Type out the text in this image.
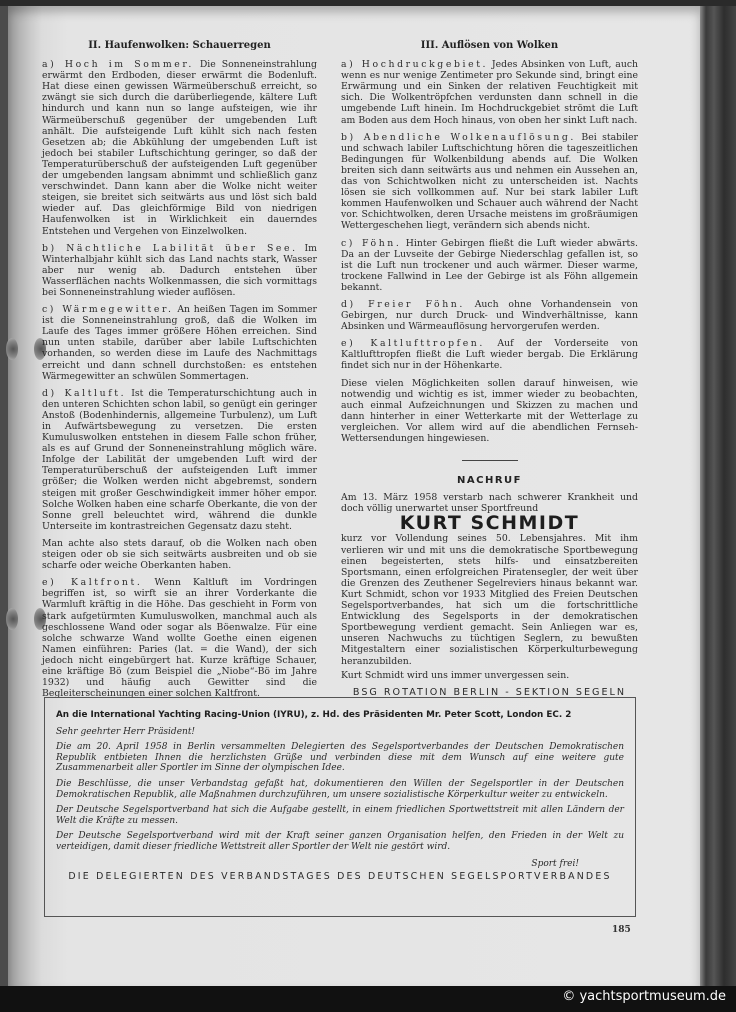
II. Haufenwolken: Schauerregen

a) Hoch im Sommer. Die Sonneneinstrahlung erwärmt den Erdboden, dieser erwärmt die Bodenluft. Hat diese einen gewissen Wärmeüberschuß erreicht, so zwängt sie sich durch die darüberliegende, kältere Luft hindurch und kann nun so lange aufsteigen, wie ihr Wärmeüberschuß gegenüber der umgebenden Luft anhält. Die aufsteigende Luft kühlt sich nach festen Gesetzen ab; die Abkühlung der umgebenden Luft ist jedoch bei stabiler Luftschichtung geringer, so daß der Temperaturüberschuß der aufsteigenden Luft gegenüber der umgebenden langsam abnimmt und schließlich ganz verschwindet. Dann kann aber die Wolke nicht weiter steigen, sie breitet sich seitwärts aus und löst sich bald wieder auf. Das gleichförmige Bild von niedrigen Haufenwolken ist in Wirklichkeit ein dauerndes Entstehen und Vergehen von Einzelwolken.

b) Nächtliche Labilität über See. Im Winterhalbjahr kühlt sich das Land nachts stark, Wasser aber nur wenig ab. Dadurch entstehen über Wasserflächen nachts Wolkenmassen, die sich vormittags bei Sonneneinstrahlung wieder auflösen.

c) Wärmegewitter. An heißen Tagen im Sommer ist die Sonneneinstrahlung groß, daß die Wolken im Laufe des Tages immer größere Höhen erreichen. Sind nun unten stabile, darüber aber labile Luftschichten vorhanden, so werden diese im Laufe des Nachmittags erreicht und dann schnell durchstoßen: es entstehen Wärmegewitter an schwülen Sommertagen.

d) Kaltluft. Ist die Temperaturschichtung auch in den unteren Schichten schon labil, so genügt ein geringer Anstoß (Bodenhindernis, allgemeine Turbulenz), um Luft in Aufwärtsbewegung zu versetzen. Die ersten Kumuluswolken entstehen in diesem Falle schon früher, als es auf Grund der Sonneneinstrahlung möglich wäre. Infolge der Labilität der umgebenden Luft wird der Temperaturüberschuß der aufsteigenden Luft immer größer; die Wolken werden nicht abgebremst, sondern steigen mit großer Geschwindigkeit immer höher empor. Solche Wolken haben eine scharfe Oberkante, die von der Sonne grell beleuchtet wird, während die dunkle Unterseite im kontrastreichen Gegensatz dazu steht.

Man achte also stets darauf, ob die Wolken nach oben steigen oder ob sie sich seitwärts ausbreiten und ob sie scharfe oder weiche Oberkanten haben.

e) Kaltfront. Wenn Kaltluft im Vordringen begriffen ist, so wirft sie an ihrer Vorderkante die Warmluft kräftig in die Höhe. Das geschieht in Form von stark aufgetürmten Kumuluswolken, manchmal auch als geschlossene Wand oder sogar als Böenwalze. Für eine solche schwarze Wand wollte Goethe einen eigenen Namen einführen: Paries (lat. = die Wand), der sich jedoch nicht eingebürgert hat. Kurze kräftige Schauer, eine kräftige Bö (zum Beispiel die „Niobe“-Bö im Jahre 1932) und häufig auch Gewitter sind die Begleiterscheinungen einer solchen Kaltfront.

III. Auflösen von Wolken

a) Hochdruckgebiet. Jedes Absinken von Luft, auch wenn es nur wenige Zentimeter pro Sekunde sind, bringt eine Erwärmung und ein Sinken der relativen Feuchtigkeit mit sich. Die Wolkentröpfchen verdunsten dann schnell in die umgebende Luft hinein. Im Hochdruckgebiet strömt die Luft am Boden aus dem Hoch hinaus, von oben her sinkt Luft nach.

b) Abendliche Wolkenauflösung. Bei stabiler und schwach labiler Luftschichtung hören die tageszeitlichen Bedingungen für Wolkenbildung abends auf. Die Wolken breiten sich dann seitwärts aus und nehmen ein Aussehen an, das von Schichtwolken nicht zu unterscheiden ist. Nachts lösen sie sich vollkommen auf. Nur bei stark labiler Luft kommen Haufenwolken und Schauer auch während der Nacht vor. Schichtwolken, deren Ursache meistens im großräumigen Wettergeschehen liegt, verändern sich abends nicht.

c) Föhn. Hinter Gebirgen fließt die Luft wieder abwärts. Da an der Luvseite der Gebirge Niederschlag gefallen ist, so ist die Luft nun trockener und auch wärmer. Dieser warme, trockene Fallwind in Lee der Gebirge ist als Föhn allgemein bekannt.

d) Freier Föhn. Auch ohne Vorhandensein von Gebirgen, nur durch Druck- und Windverhältnisse, kann Absinken und Wärmeauflösung hervorgerufen werden.

e) Kaltlufttropfen. Auf der Vorderseite von Kaltlufttropfen fließt die Luft wieder bergab. Die Erklärung findet sich nur in der Höhenkarte.

Diese vielen Möglichkeiten sollen darauf hinweisen, wie notwendig und wichtig es ist, immer wieder zu beobachten, auch einmal Aufzeichnungen und Skizzen zu machen und dann hinterher in einer Wetterkarte mit der Wetterlage zu vergleichen. Vor allem wird auf die abendlichen Fernseh-Wettersendungen hingewiesen.

NACHRUF

Am 13. März 1958 verstarb nach schwerer Krankheit und doch völlig unerwartet unser Sportfreund

KURT SCHMIDT

kurz vor Vollendung seines 50. Lebensjahres. Mit ihm verlieren wir und mit uns die demokratische Sportbewegung einen begeisterten, stets hilfs- und einsatzbereiten Sportsmann, einen erfolgreichen Piratensegler, der weit über die Grenzen des Zeuthener Segelreviers hinaus bekannt war. Kurt Schmidt, schon vor 1933 Mitglied des Freien Deutschen Segelsportverbandes, hat sich um die fortschrittliche Entwicklung des Segelsports in der demokratischen Sportbewegung verdient gemacht. Sein Anliegen war es, unseren Nachwuchs zu tüchtigen Seglern, zu bewußten Mitgestaltern einer sozialistischen Körperkulturbewegung heranzubilden.

Kurt Schmidt wird uns immer unvergessen sein.

BSG ROTATION BERLIN - SEKTION SEGELN
An die International Yachting Racing-Union (IYRU), z. Hd. des Präsidenten Mr. Peter Scott, London EC. 2

Sehr geehrter Herr Präsident!

Die am 20. April 1958 in Berlin versammelten Delegierten des Segelsportverbandes der Deutschen Demokratischen Republik entbieten Ihnen die herzlichsten Grüße und verbinden diese mit dem Wunsch auf eine weitere gute Zusammenarbeit aller Sportler im Sinne der olympischen Idee.

Die Beschlüsse, die unser Verbandstag gefaßt hat, dokumentieren den Willen der Segelsportler in der Deutschen Demokratischen Republik, alle Maßnahmen durchzuführen, um unsere sozialistische Körperkultur weiter zu entwickeln.

Der Deutsche Segelsportverband hat sich die Aufgabe gestellt, in einem friedlichen Sportwettstreit mit allen Ländern der Welt die Kräfte zu messen.

Der Deutsche Segelsportverband wird mit der Kraft seiner ganzen Organisation helfen, den Frieden in der Welt zu verteidigen, damit dieser friedliche Wettstreit aller Sportler der Welt nie gestört wird.

Sport frei!
DIE DELEGIERTEN DES VERBANDSTAGES DES DEUTSCHEN SEGELSPORTVERBANDES
185
© yachtsportmuseum.de
